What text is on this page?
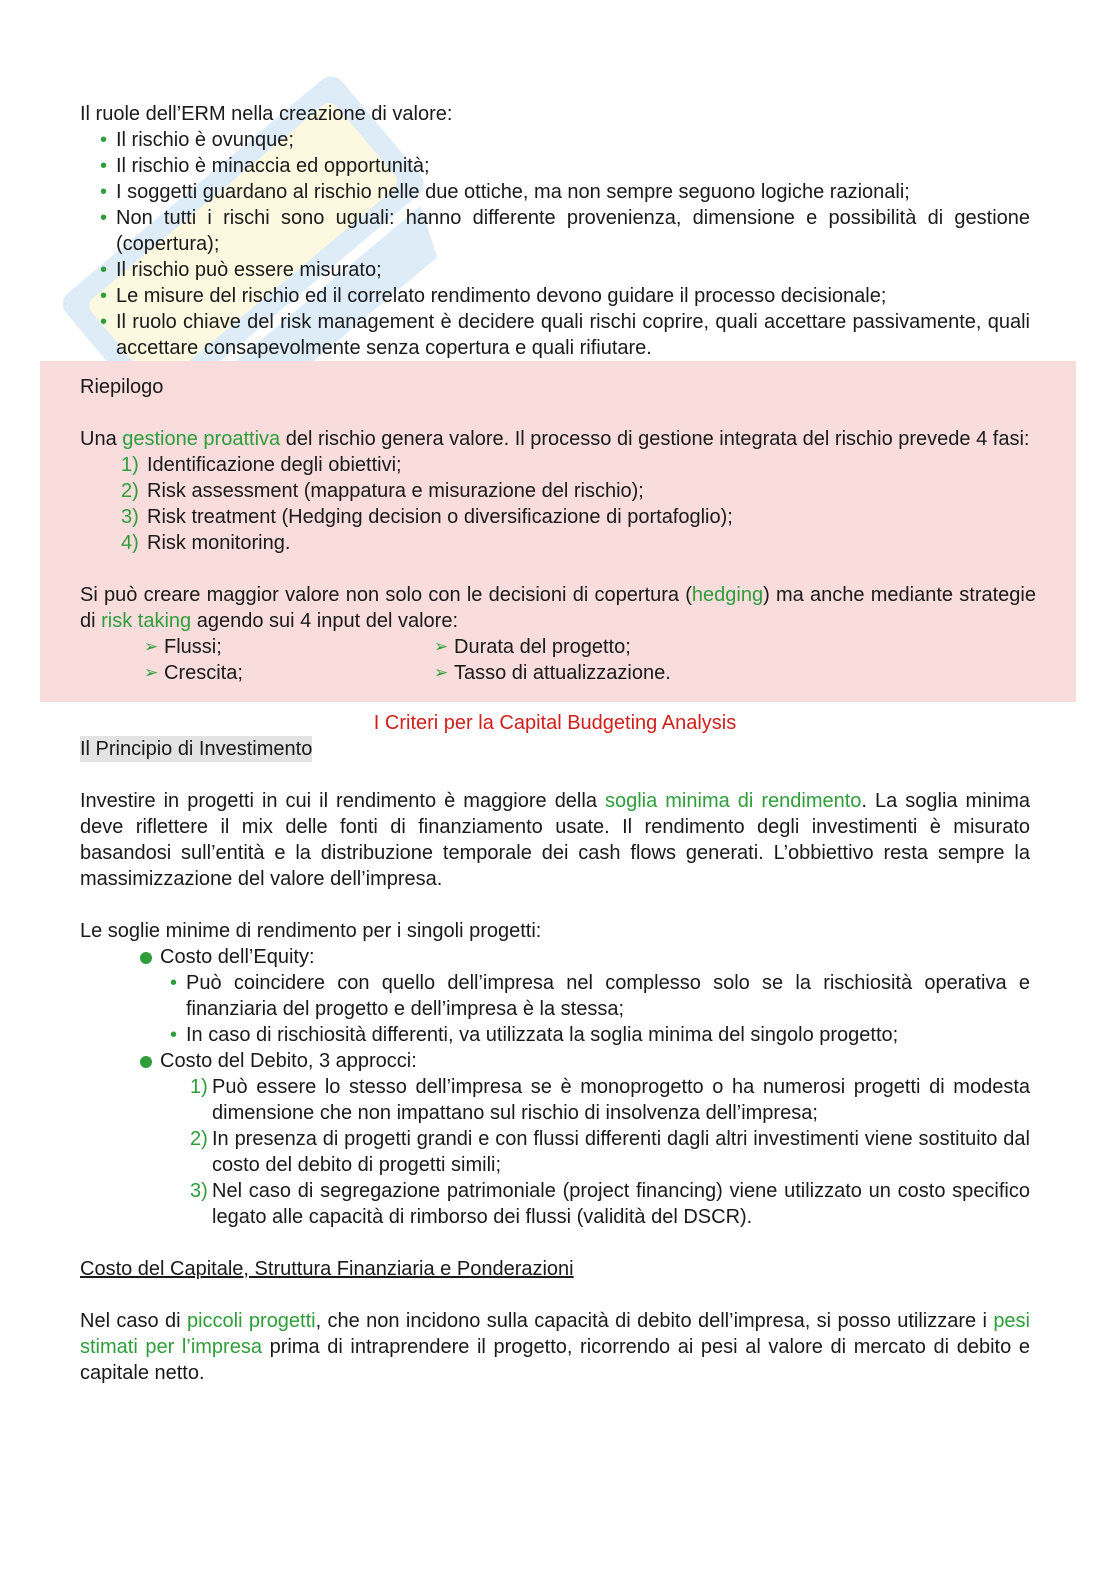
Il ruole dell’ERM nella creazione di valore:

• Il rischio è ovunque;
• Il rischio è minaccia ed opportunità;
• I soggetti guardano al rischio nelle due ottiche, ma non sempre seguono logiche razionali;
• Non tutti i rischi sono uguali: hanno differente provenienza, dimensione e possibilità di gestione (copertura);
• Il rischio può essere misurato;
• Le misure del rischio ed il correlato rendimento devono guidare il processo decisionale;
• Il ruolo chiave del risk management è decidere quali rischi coprire, quali accettare passivamente, quali accettare consapevolmente senza copertura e quali rifiutare.

Riepilogo

Una gestione proattiva del rischio genera valore. Il processo di gestione integrata del rischio prevede 4 fasi:

1) Identificazione degli obiettivi;
2) Risk assessment (mappatura e misurazione del rischio);
3) Risk treatment (Hedging decision o diversificazione di portafoglio);
4) Risk monitoring.

Si può creare maggior valore non solo con le decisioni di copertura (hedging) ma anche mediante strategie di risk taking agendo sui 4 input del valore:

➢ Flussi;	➢ Durata del progetto;
➢ Crescita;	➢ Tasso di attualizzazione.

I Criteri per la Capital Budgeting Analysis

Il Principio di Investimento

Investire in progetti in cui il rendimento è maggiore della soglia minima di rendimento. La soglia minima deve riflettere il mix delle fonti di finanziamento usate. Il rendimento degli investimenti è misurato basandosi sull’entità e la distribuzione temporale dei cash flows generati. L’obbiettivo resta sempre la massimizzazione del valore dell’impresa.

Le soglie minime di rendimento per i singoli progetti:

Costo dell’Equity:
• Può coincidere con quello dell’impresa nel complesso solo se la rischiosità operativa e finanziaria del progetto e dell’impresa è la stessa;
• In caso di rischiosità differenti, va utilizzata la soglia minima del singolo progetto;
Costo del Debito, 3 approcci:
1) Può essere lo stesso dell’impresa se è monoprogetto o ha numerosi progetti di modesta dimensione che non impattano sul rischio di insolvenza dell’impresa;
2) In presenza di progetti grandi e con flussi differenti dagli altri investimenti viene sostituito dal costo del debito di progetti simili;
3) Nel caso di segregazione patrimoniale (project financing) viene utilizzato un costo specifico legato alle capacità di rimborso dei flussi (validità del DSCR).

Costo del Capitale, Struttura Finanziaria e Ponderazioni

Nel caso di piccoli progetti, che non incidono sulla capacità di debito dell’impresa, si posso utilizzare i pesi stimati per l’impresa prima di intraprendere il progetto, ricorrendo ai pesi al valore di mercato di debito e capitale netto.
